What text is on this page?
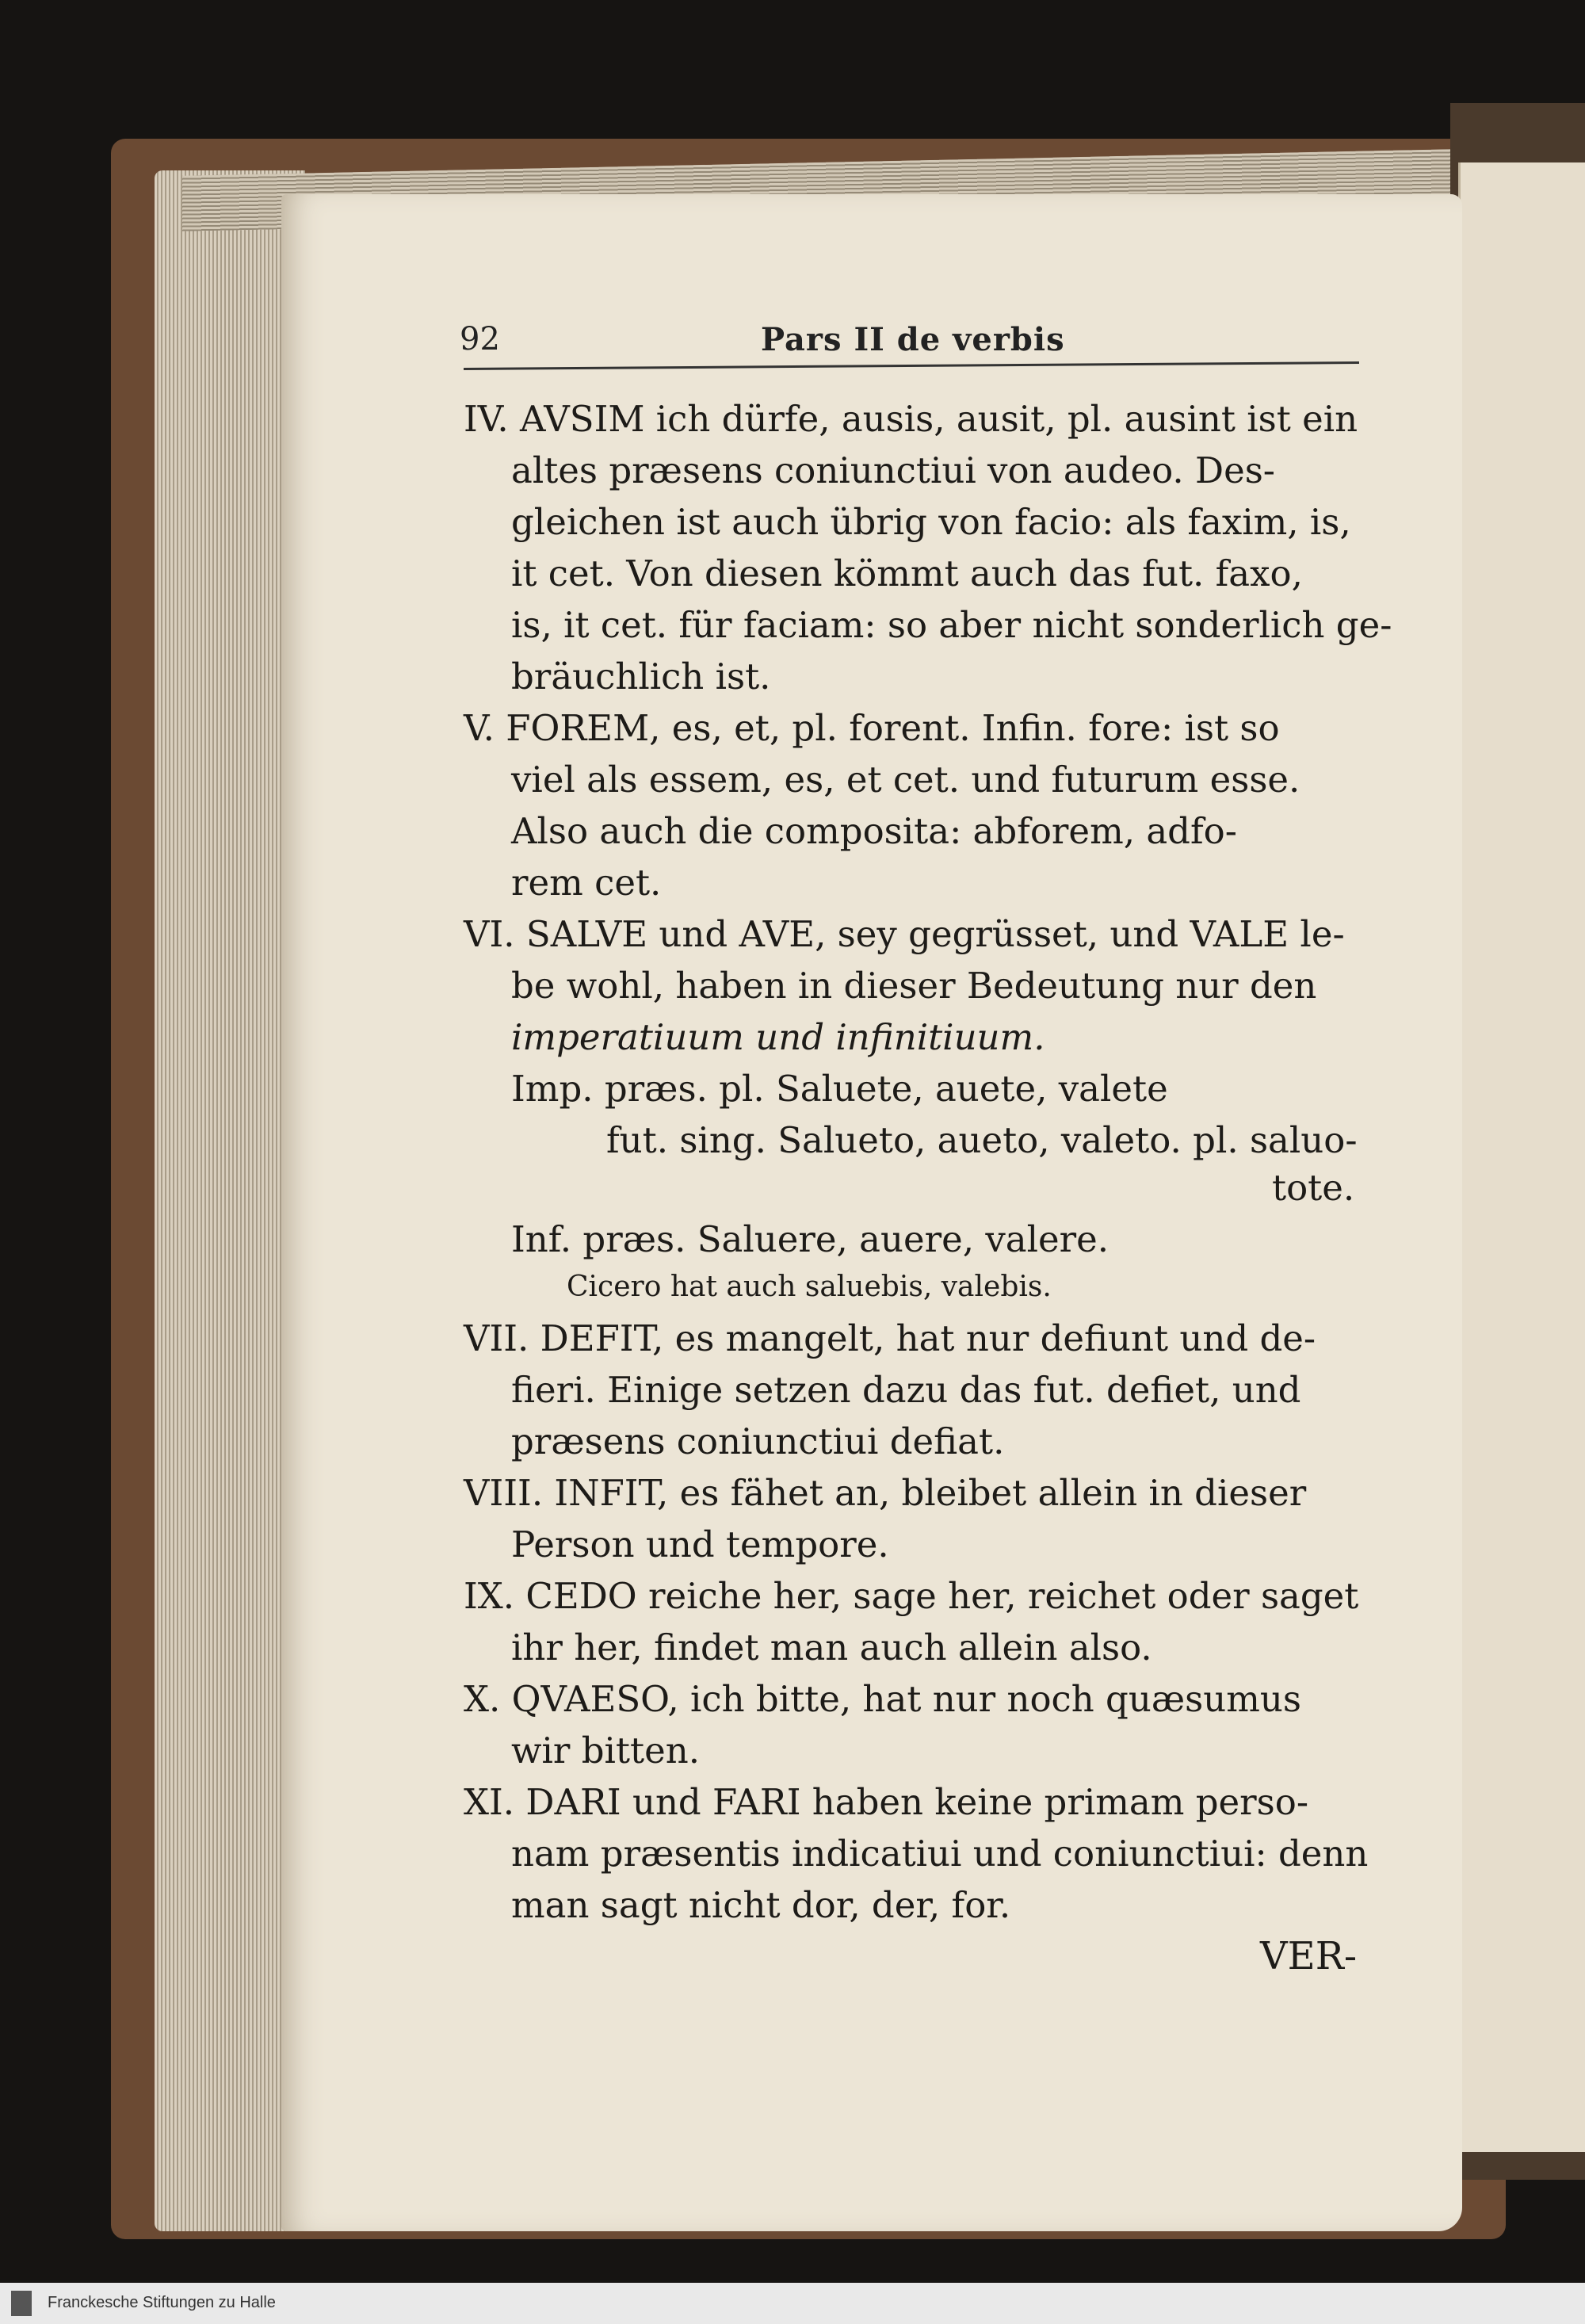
92	Pars II de verbis
IV. AVSIM ich dürfe, ausis, ausit, pl. ausint ist ein
altes præsens coniunctiui von audeo. Des-
gleichen ist auch übrig von facio: als faxim, is,
it cet. Von diesen kömmt auch das fut. faxo,
is, it cet. für faciam: so aber nicht sonderlich ge-
bräuchlich ist.
V. FOREM, es, et, pl. forent. Infin. fore: ist so
viel als essem, es, et cet. und futurum esse.
Also auch die composita: abforem, adfo-
rem cet.
VI. SALVE und AVE, sey gegrüsset, und VALE le-
be wohl, haben in dieser Bedeutung nur den
imperatiuum und infinitiuum.
Imp. præs. pl. Saluete, auete, valete
fut. sing. Salueto, aueto, valeto. pl. saluo-
tote.
Inf. præs. Saluere, auere, valere.
Cicero hat auch saluebis, valebis.
VII. DEFIT, es mangelt, hat nur defiunt und de-
fieri. Einige setzen dazu das fut. defiet, und
præsens coniunctiui defiat.
VIII. INFIT, es fähet an, bleibet allein in dieser
Person und tempore.
IX. CEDO reiche her, sage her, reichet oder saget
ihr her, findet man auch allein also.
X. QVAESO, ich bitte, hat nur noch quæsumus
wir bitten.
XI. DARI und FARI haben keine primam perso-
nam præsentis indicatiui und coniunctiui: denn
man sagt nicht dor, der, for.
VER-
Franckesche Stiftungen zu Halle
